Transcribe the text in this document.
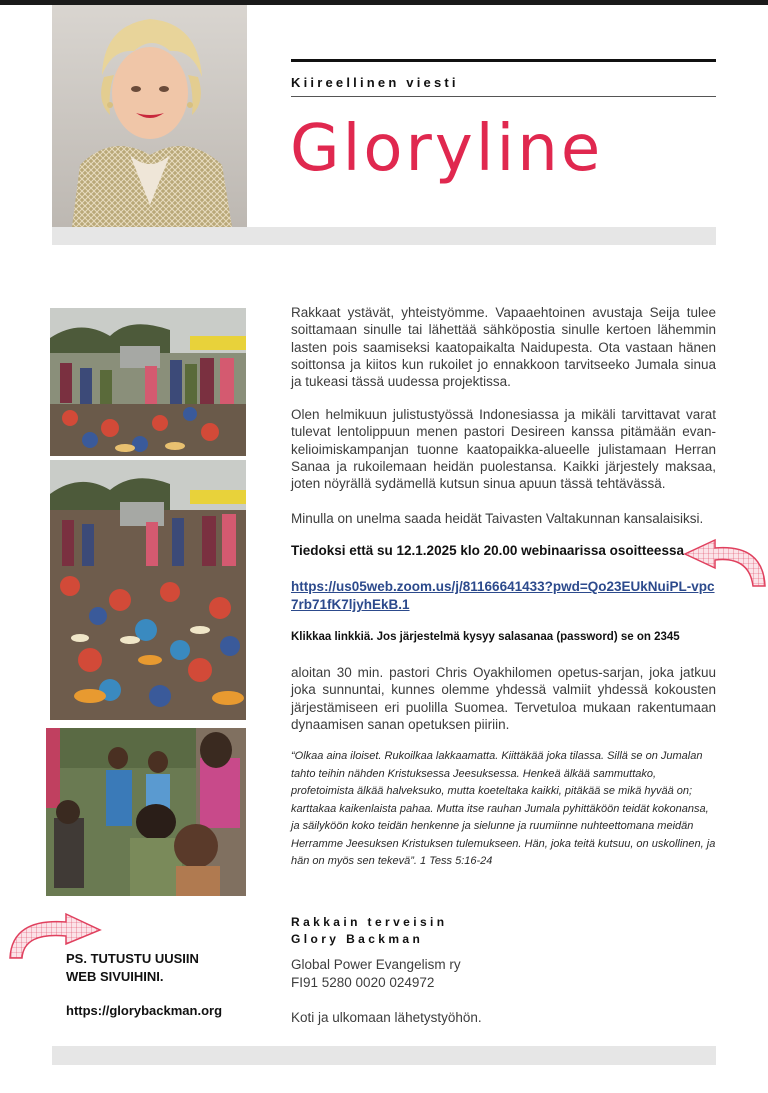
Kiireellinen viesti
Gloryline

Rakkaat ystävät, yhteistyömme. Vapaaehtoinen avustaja Seija tulee soittamaan sinulle tai lähettää sähköpostia sinulle kertoen lähemmin lasten pois saamiseksi kaatopaikalta Naidupesta. Ota vastaan hänen soittonsa ja kiitos kun rukoilet jo ennakkoon tarvitseeko Jumala sinua ja tukeasi tässä uudessa projektissa.

Olen helmikuun julistustyössä Indonesiassa ja mikäli tarvittavat varat tulevat lentolippuun menen pastori Desireen kanssa pitämään evankelioimiskampanjan tuonne kaatopaikka-alueelle julistamaan Herran Sanaa ja rukoilemaan heidän puolestansa. Kaikki järjestely maksaa, joten nöyrällä sydämellä kutsun sinua apuun tässä tehtävässä.

Minulla on unelma saada heidät Taivasten Valtakunnan kansalaisiksi.

Tiedoksi että su 12.1.2025 klo 20.00 webinaarissa osoitteessa

https://us05web.zoom.us/j/81166641433?pwd=Qo23EUkNuiPL-vpc7rb71fK7ljyhEkB.1

Klikkaa linkkiä. Jos järjestelmä kysyy salasanaa (password) se on 2345

aloitan 30 min. pastori Chris Oyakhilomen opetus-sarjan, joka jatkuu joka sunnuntai, kunnes olemme yhdessä valmiit yhdessä kokousten järjestämiseen eri puolilla Suomea. Tervetuloa mukaan rakentumaan dynaamisen sanan opetuksen piiriin.

“Olkaa aina iloiset. Rukoilkaa lakkaamatta. Kiittäkää joka tilassa. Sillä se on Jumalan tahto teihin nähden Kristuksessa Jeesuksessa. Henkeä älkää sammuttako, profetoimista älkää halveksuko, mutta koeteltaka kaikki, pitäkää se mikä hyvää on; karttakaa kaikenlaista pahaa. Mutta itse rauhan Jumala pyhittäköön teidät kokonansa, ja säilyköön koko teidän henkenne ja sielunne ja ruumiinne nuhteettomana meidän Herramme Jeesuksen Kristuksen tulemukseen. Hän, joka teitä kutsuu, on uskollinen, ja hän on myös sen tekevä”. 1 Tess 5:16-24

Rakkain terveisin
Glory Backman
Global Power Evangelism ry
FI91 5280 0020 024972
Koti ja ulkomaan lähetystyöhön.
PS. TUTUSTU UUSIIN
WEB SIVUIHINI.
https://glorybackman.org
